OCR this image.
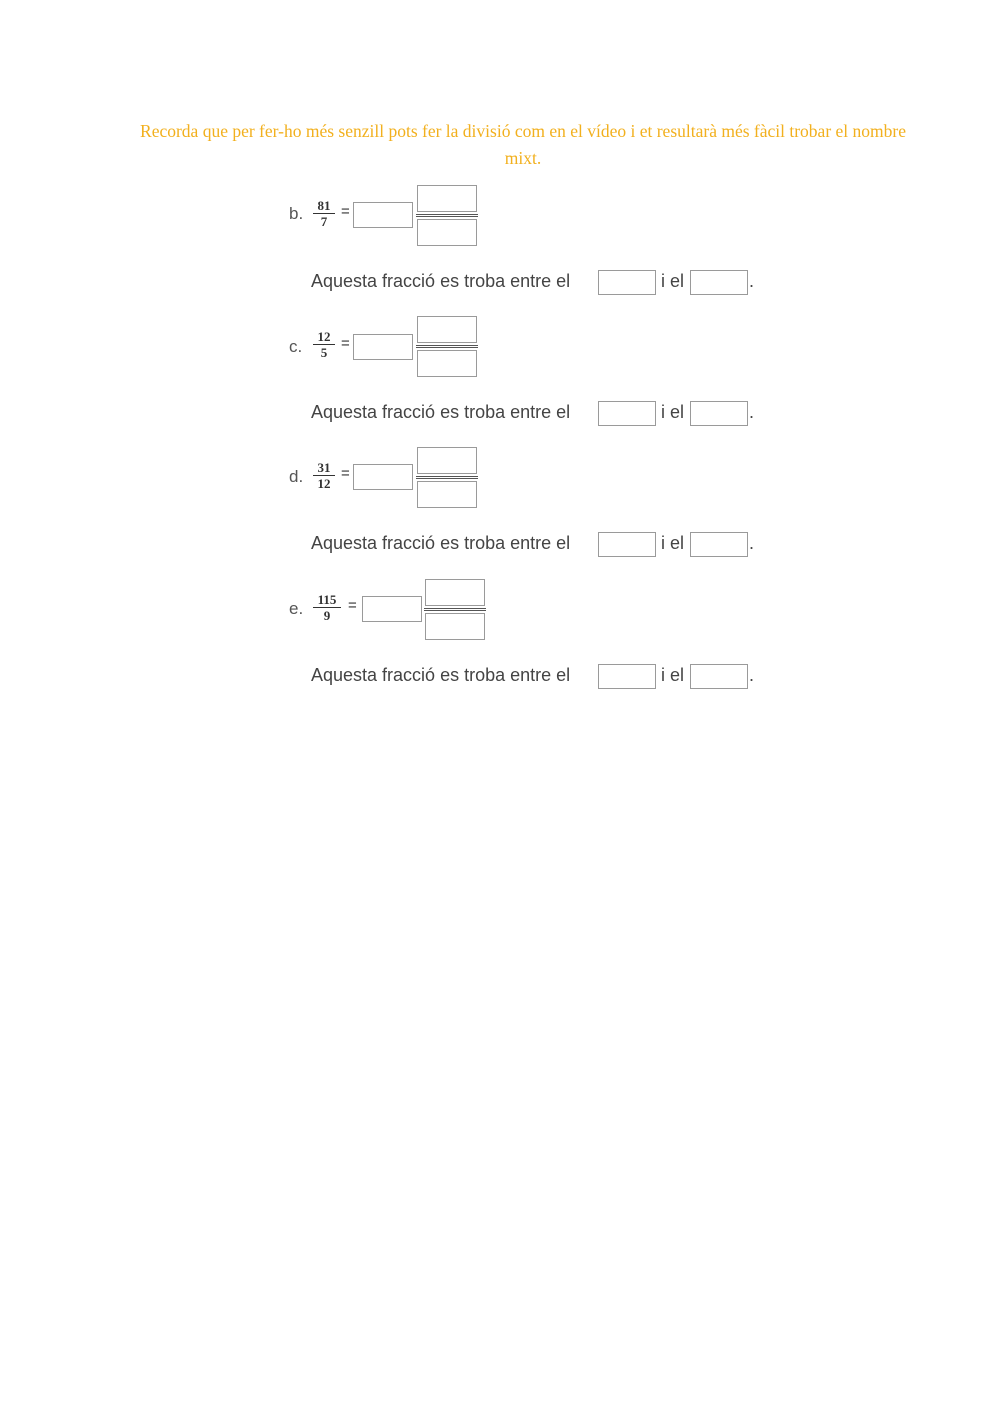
Recorda que per fer-ho més senzill pots fer la divisió com en el vídeo i et resultarà més fàcil trobar el nombre mixt.
b. $\frac{81}{7}$ =
Aquesta fracció es troba entre el	i el	.
c. $\frac{12}{5}$ =
Aquesta fracció es troba entre el	i el	.
d. $\frac{31}{12}$ =
Aquesta fracció es troba entre el	i el	.
e. $\frac{115}{9}$ =
Aquesta fracció es troba entre el	i el	.
